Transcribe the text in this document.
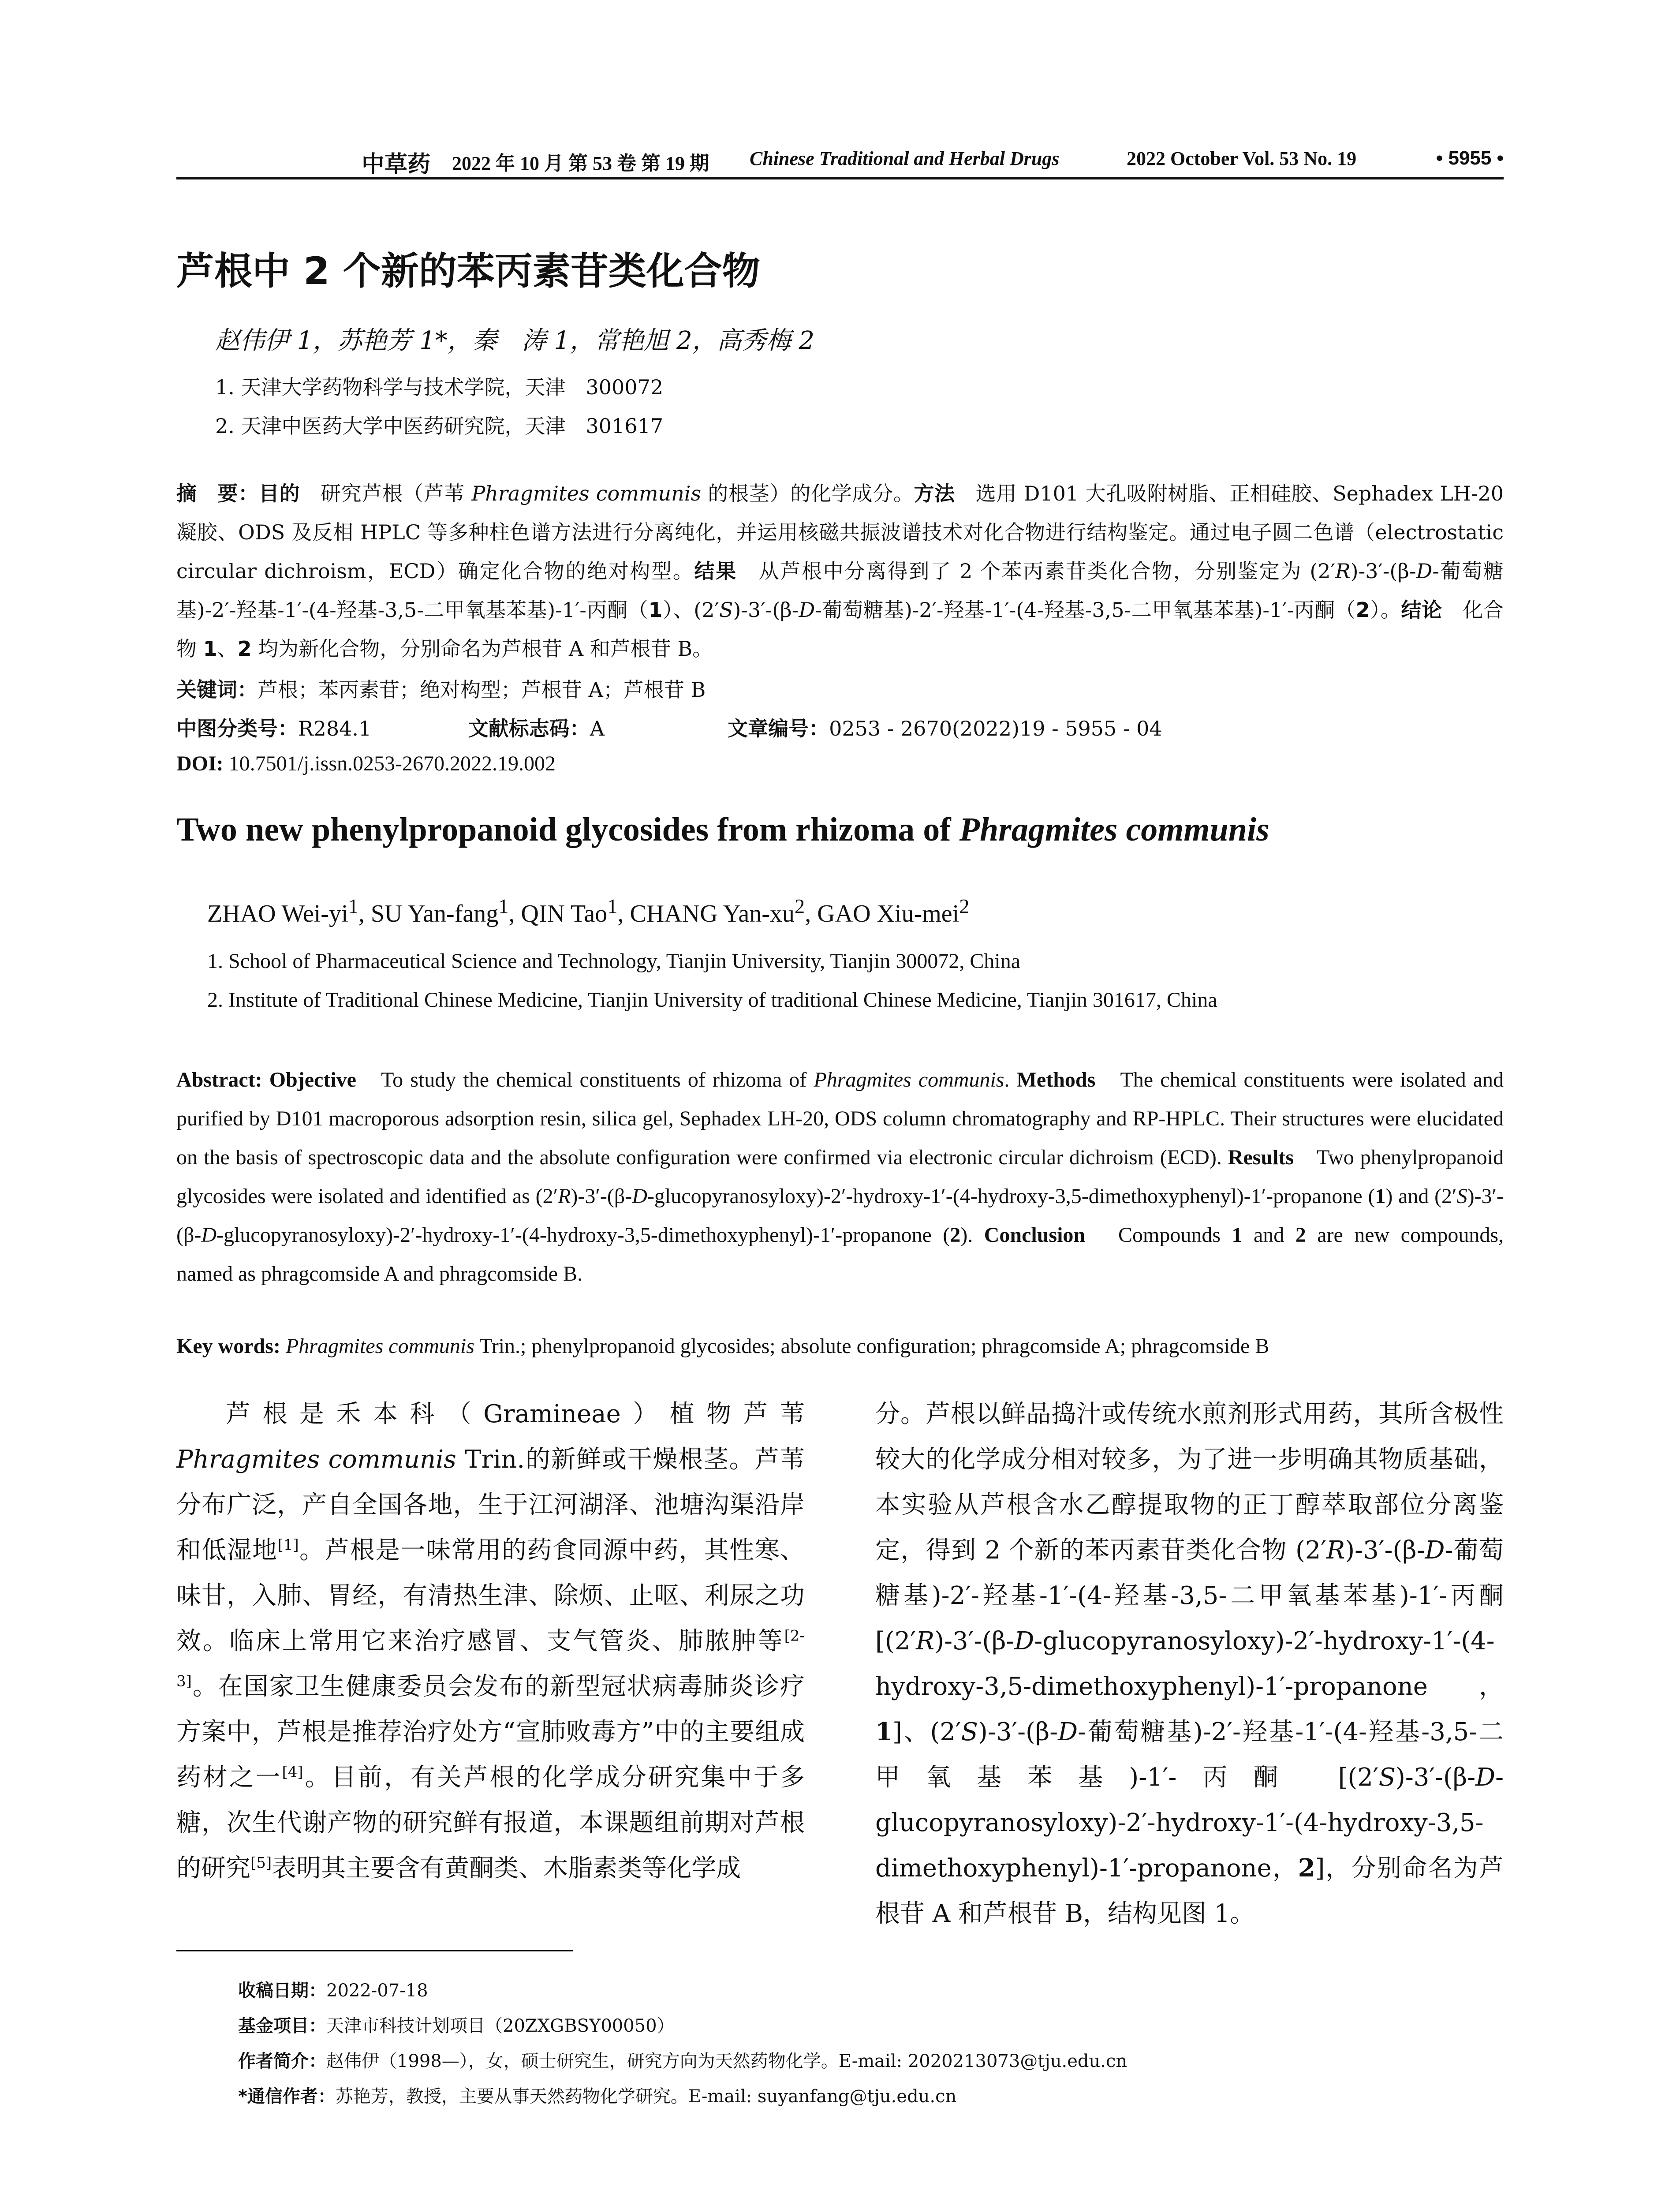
中草药 2022 年 10 月 第 53 卷 第 19 期 Chinese Traditional and Herbal Drugs	2022 October Vol. 53 No. 19	• 5955 •
芦根中 2 个新的苯丙素苷类化合物
赵伟伊 1，苏艳芳 1*，秦　涛 1，常艳旭 2，高秀梅 2
1. 天津大学药物科学与技术学院，天津　300072
2. 天津中医药大学中医药研究院，天津　301617
摘　要：目的　研究芦根（芦苇 Phragmites communis 的根茎）的化学成分。方法　选用 D101 大孔吸附树脂、正相硅胶、Sephadex LH-20 凝胶、ODS 及反相 HPLC 等多种柱色谱方法进行分离纯化，并运用核磁共振波谱技术对化合物进行结构鉴定。通过电子圆二色谱（electrostatic circular dichroism，ECD）确定化合物的绝对构型。结果　从芦根中分离得到了 2 个苯丙素苷类化合物，分别鉴定为 (2′R)-3′-(β-D-葡萄糖基)-2′-羟基-1′-(4-羟基-3,5-二甲氧基苯基)-1′-丙酮（1）、(2′S)-3′-(β-D-葡萄糖基)-2′-羟基-1′-(4-羟基-3,5-二甲氧基苯基)-1′-丙酮（2）。结论　化合物 1、2 均为新化合物，分别命名为芦根苷 A 和芦根苷 B。
关键词：芦根；苯丙素苷；绝对构型；芦根苷 A；芦根苷 B
中图分类号：R284.1	文献标志码：A	文章编号：0253 - 2670(2022)19 - 5955 - 04
DOI: 10.7501/j.issn.0253-2670.2022.19.002
Two new phenylpropanoid glycosides from rhizoma of Phragmites communis
ZHAO Wei-$yi^1$, SU Yan-fang$^1$, QIN Tao$^1$, CHANG Yan-$xu^2$, GAO Xiu-mei$^2$
1. School of Pharmaceutical Science and Technology, Tianjin University, Tianjin 300072, China
2. Institute of Traditional Chinese Medicine, Tianjin University of traditional Chinese Medicine, Tianjin 301617, China
Abstract: Objective　To study the chemical constituents of rhizoma of Phragmites communis. Methods　The chemical constituents were isolated and purified by D101 macroporous adsorption resin, silica gel, Sephadex LH-20, ODS column chromatography and RP-HPLC. Their structures were elucidated on the basis of spectroscopic data and the absolute configuration were confirmed via electronic circular dichroism (ECD). Results　Two phenylpropanoid glycosides were isolated and identified as (2′R)-3′-(β-D-glucopyranosyloxy)-2′-hydroxy-1′-(4-hydroxy-3,5-dimethoxyphenyl)-1′-propanone (1) and (2′S)-3′-(β-D-glucopyranosyloxy)-2′-hydroxy-1′-(4-hydroxy-3,5-dimethoxyphenyl)-1′-propanone (2). Conclusion　Compounds 1 and 2 are new compounds, named as phragcomside A and phragcomside B.
Key words: Phragmites communis Trin.; phenylpropanoid glycosides; absolute configuration; phragcomside A; phragcomside B

芦根是禾本科（Gramineae）植物芦苇 Phragmites communis Trin.的新鲜或干燥根茎。芦苇分布广泛，产自全国各地，生于江河湖泽、池塘沟渠沿岸和低湿地[1]。芦根是一味常用的药食同源中药，其性寒、味甘，入肺、胃经，有清热生津、除烦、止呕、利尿之功效。临床上常用它来治疗感冒、支气管炎、肺脓肿等[2-3]。在国家卫生健康委员会发布的新型冠状病毒肺炎诊疗方案中，芦根是推荐治疗处方“宣肺败毒方”中的主要组成药材之一[4]。目前，有关芦根的化学成分研究集中于多糖，次生代谢产物的研究鲜有报道，本课题组前期对芦根的研究[5]表明其主要含有黄酮类、木脂素类等化学成

分。芦根以鲜品捣汁或传统水煎剂形式用药，其所含极性较大的化学成分相对较多，为了进一步明确其物质基础，本实验从芦根含水乙醇提取物的正丁醇萃取部位分离鉴定，得到 2 个新的苯丙素苷类化合物 (2′R)-3′-(β-D-葡萄糖基)-2′-羟基-1′-(4-羟基-3,5-二甲氧基苯基)-1′-丙酮 [(2′R)-3′-(β-D-glucopyranosyloxy)-2′-hydroxy-1′-(4-hydroxy-3,5-dimethoxyphenyl)-1′-propanone，1]、(2′S)-3′-(β-D-葡萄糖基)-2′-羟基-1′-(4-羟基-3,5-二甲氧基苯基)-1′-丙酮 [(2′S)-3′-(β-D-glucopyranosyloxy)-2′-hydroxy-1′-(4-hydroxy-3,5-dimethoxyphenyl)-1′-propanone，2]，分别命名为芦根苷 A 和芦根苷 B，结构见图 1。

收稿日期：2022-07-18
基金项目：天津市科技计划项目（20ZXGBSY00050）
作者简介：赵伟伊（1998—），女，硕士研究生，研究方向为天然药物化学。E-mail: 2020213073@tju.edu.cn
*通信作者：苏艳芳，教授，主要从事天然药物化学研究。E-mail: suyanfang@tju.edu.cn
